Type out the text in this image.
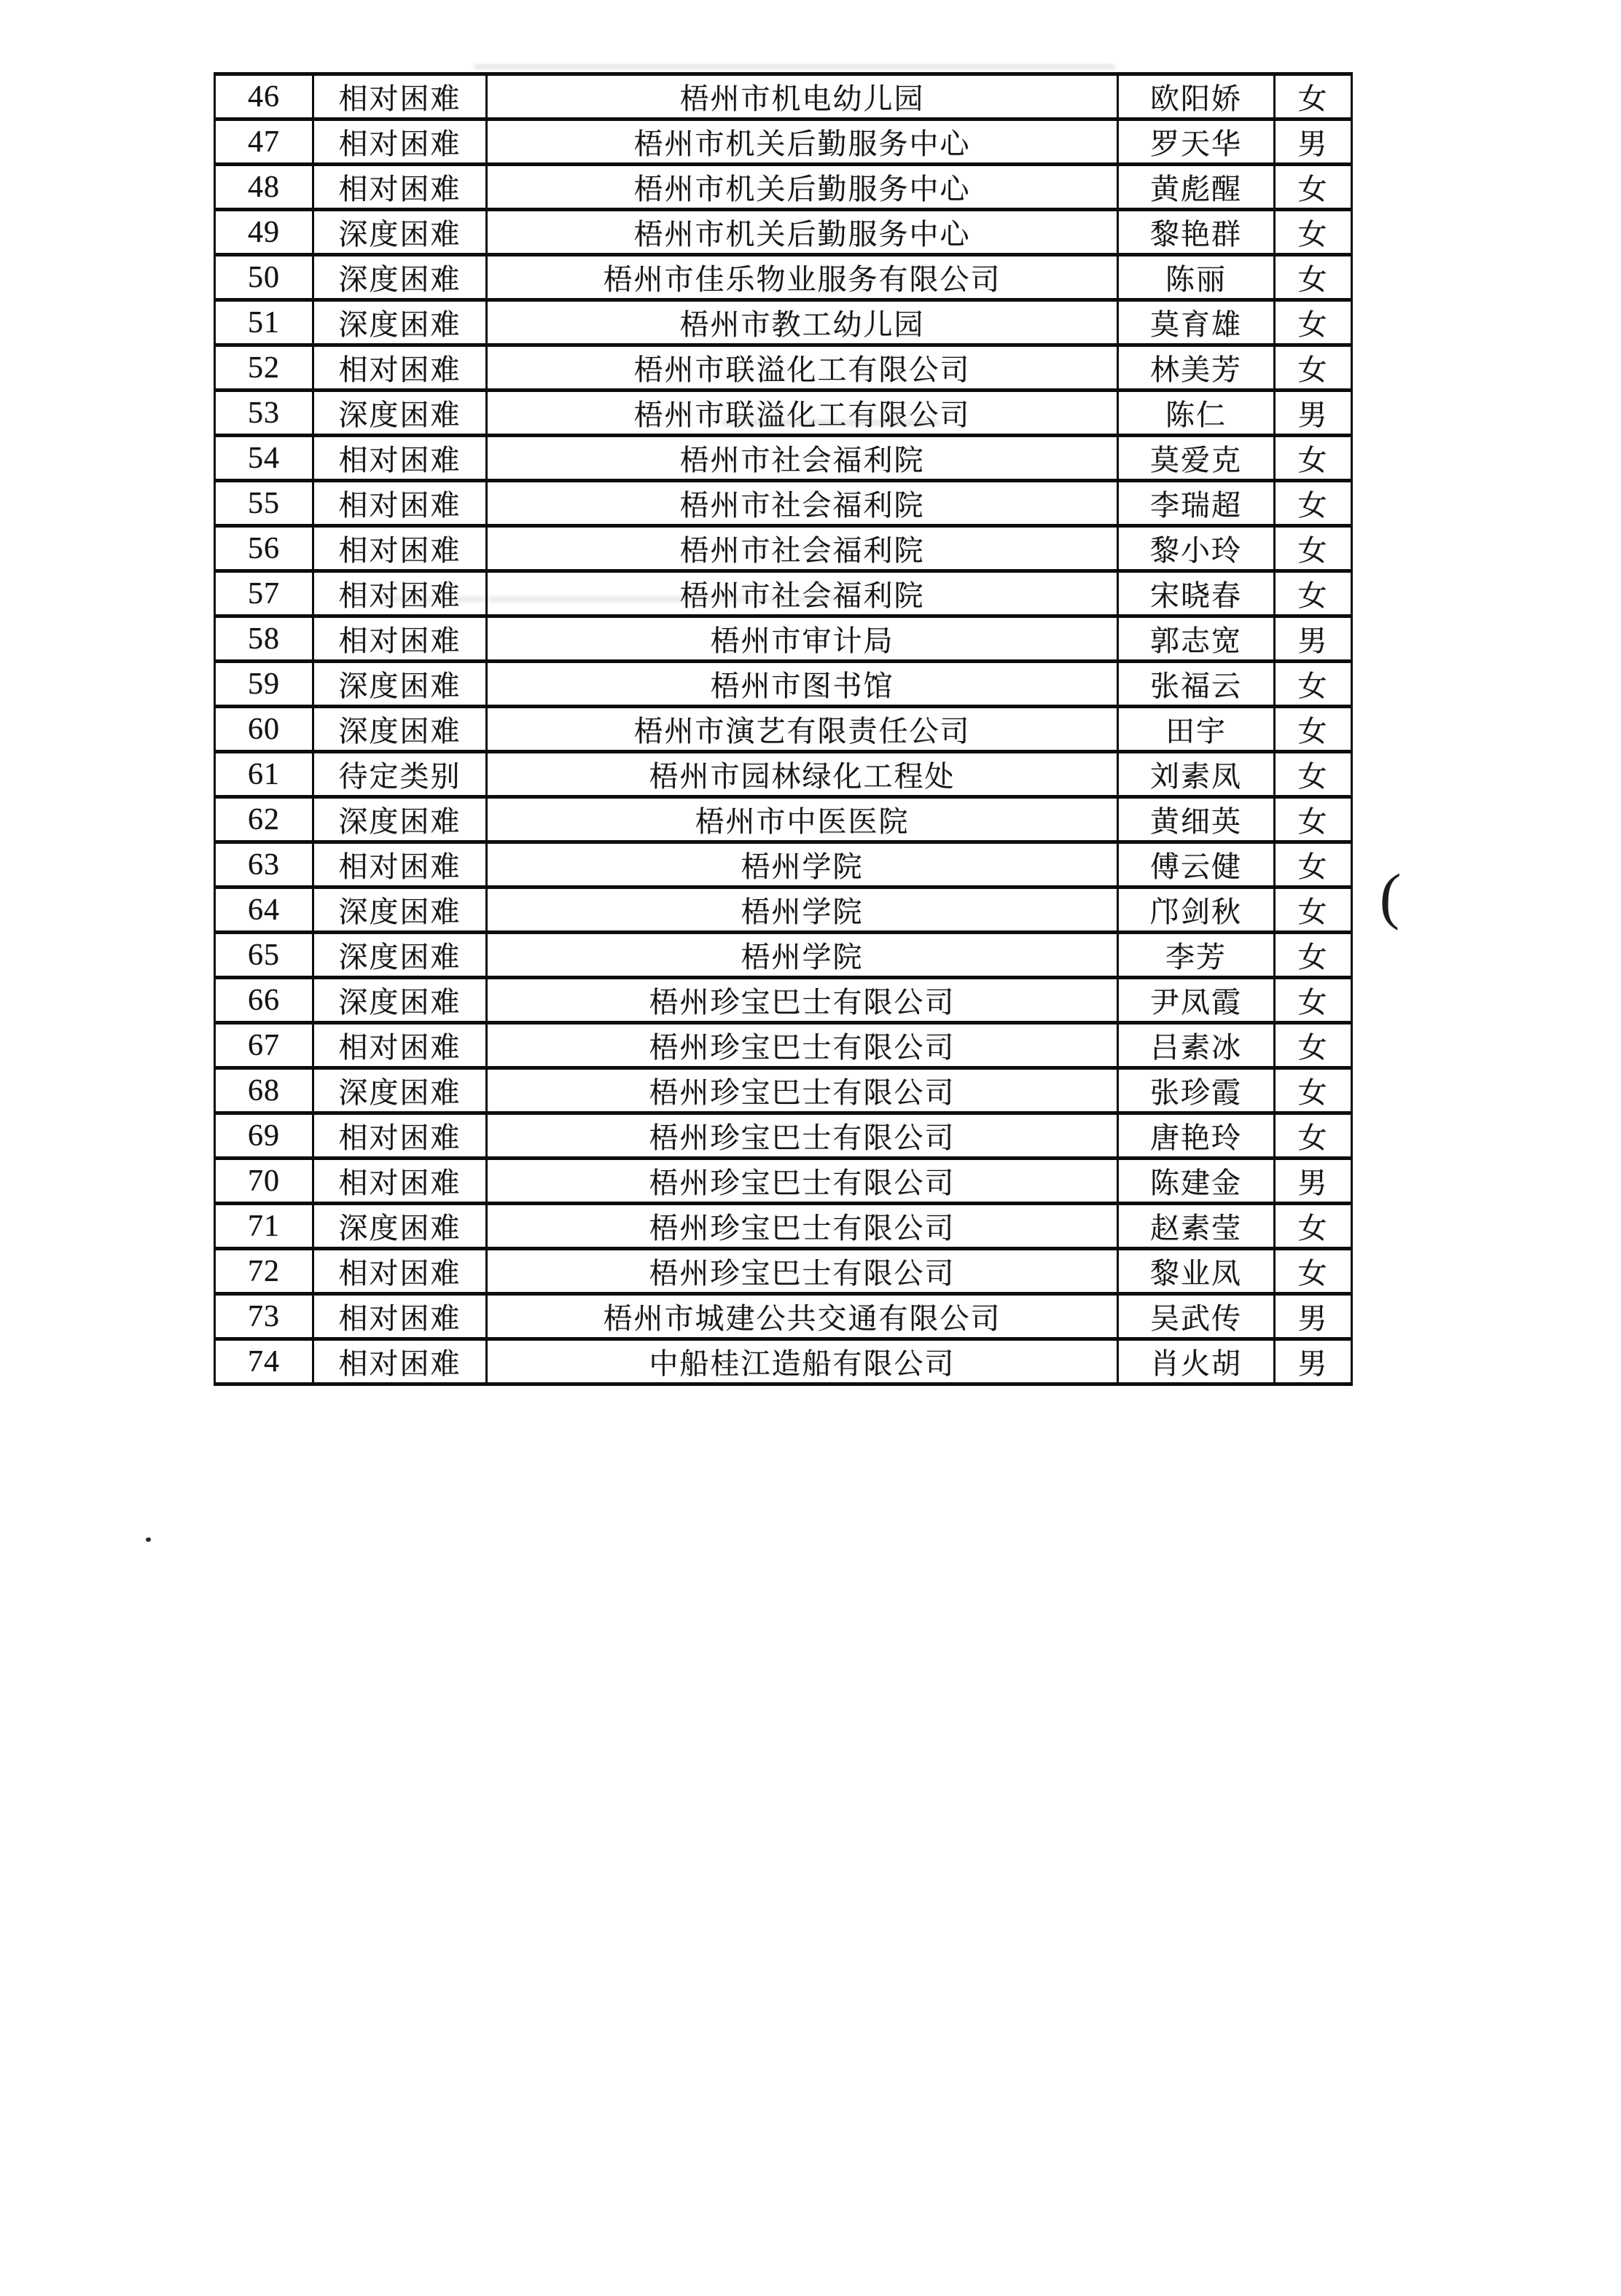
46	相对困难	梧州市机电幼儿园	欧阳娇	女
47	相对困难	梧州市机关后勤服务中心	罗天华	男
48	相对困难	梧州市机关后勤服务中心	黄彪醒	女
49	深度困难	梧州市机关后勤服务中心	黎艳群	女
50	深度困难	梧州市佳乐物业服务有限公司	陈丽	女
51	深度困难	梧州市教工幼儿园	莫育雄	女
52	相对困难	梧州市联溢化工有限公司	林美芳	女
53	深度困难	梧州市联溢化工有限公司	陈仁	男
54	相对困难	梧州市社会福利院	莫爱克	女
55	相对困难	梧州市社会福利院	李瑞超	女
56	相对困难	梧州市社会福利院	黎小玲	女
57	相对困难	梧州市社会福利院	宋晓春	女
58	相对困难	梧州市审计局	郭志宽	男
59	深度困难	梧州市图书馆	张福云	女
60	深度困难	梧州市演艺有限责任公司	田宇	女
61	待定类别	梧州市园林绿化工程处	刘素凤	女
62	深度困难	梧州市中医医院	黄细英	女
63	相对困难	梧州学院	傅云健	女
64	深度困难	梧州学院	邝剑秋	女
65	深度困难	梧州学院	李芳	女
66	深度困难	梧州珍宝巴士有限公司	尹凤霞	女
67	相对困难	梧州珍宝巴士有限公司	吕素冰	女
68	深度困难	梧州珍宝巴士有限公司	张珍霞	女
69	相对困难	梧州珍宝巴士有限公司	唐艳玲	女
70	相对困难	梧州珍宝巴士有限公司	陈建金	男
71	深度困难	梧州珍宝巴士有限公司	赵素莹	女
72	相对困难	梧州珍宝巴士有限公司	黎业凤	女
73	相对困难	梧州市城建公共交通有限公司	吴武传	男
74	相对困难	中船桂江造船有限公司	肖火胡	男
(
